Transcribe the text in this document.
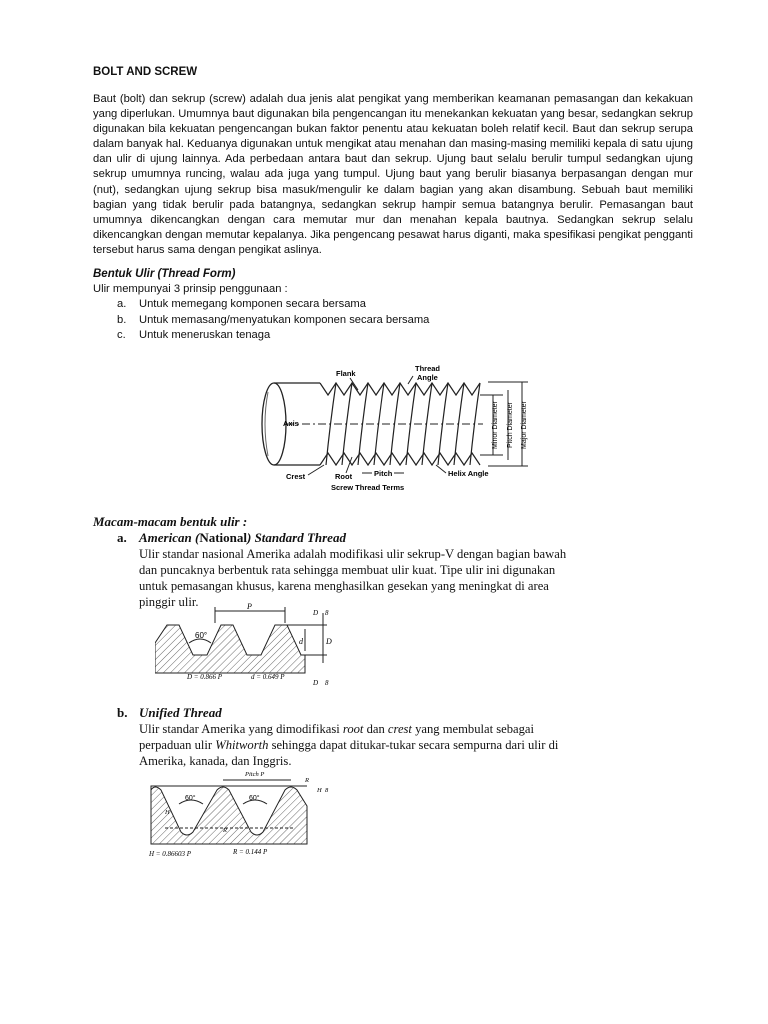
BOLT AND SCREW

Baut (bolt) dan sekrup (screw) adalah dua jenis alat pengikat yang memberikan keamanan pemasangan dan kekakuan yang diperlukan. Umumnya baut digunakan bila pengencangan itu menekankan kekuatan yang besar, sedangkan sekrup digunakan bila kekuatan pengencangan bukan faktor penentu atau kekuatan boleh relatif kecil. Baut dan sekrup serupa dalam banyak hal. Keduanya digunakan untuk mengikat atau menahan dan masing-masing memiliki kepala di satu ujung dan ulir di ujung lainnya. Ada perbedaan antara baut dan sekrup. Ujung baut selalu berulir tumpul sedangkan ujung sekrup umumnya runcing, walau ada juga yang tumpul. Ujung baut yang berulir biasanya berpasangan dengan mur (nut), sedangkan ujung sekrup bisa masuk/mengulir ke dalam bagian yang akan disambung. Sebuah baut memiliki bagian yang tidak berulir pada batangnya, sedangkan sekrup hampir semua batangnya berulir. Pemasangan baut umumnya dikencangkan dengan cara memutar mur dan menahan kepala bautnya. Sedangkan sekrup selalu dikencangkan dengan memutar kepalanya. Jika pengencang pesawat harus diganti, maka spesifikasi pengikat pengganti tersebut harus sama dengan pengikat aslinya.

Bentuk Ulir (Thread Form)
Ulir mempunyai 3 prinsip penggunaan :
a. Untuk memegang komponen secara bersama
b. Untuk memasang/menyatukan komponen secara bersama
c. Untuk meneruskan tenaga
Minor Diameter Pitch Diameter Major Diameter
Flank
Thread
Angle
Axis
Crest	Root	Pitch	Helix Angle
Screw Thread Terms
Macam-macam bentuk ulir :
a. American (National) Standard Thread

Ulir standar nasional Amerika adalah modifikasi ulir sekrup-V dengan bagian bawah dan puncaknya berbentuk rata sehingga membuat ulir kuat. Tipe ulir ini digunakan untuk pemasangan khusus, karena menghasilkan gesekan yang meningkat di area pinggir ulir.	P
60°
d	D
D 8
D 8
D = 0.866 P	d = 0.649 P
b. Unified Thread

Ulir standar Amerika yang dimodifikasi root dan crest yang membulat sebagai perpaduan ulir Whitworth sehingga dapat ditukar-tukar secara sempurna dari ulir di Amerika, kanada, dan Inggris.

Pitch P
R
H 8
60°	60°
R
H
H = 0.86603 P	R = 0.144 P
